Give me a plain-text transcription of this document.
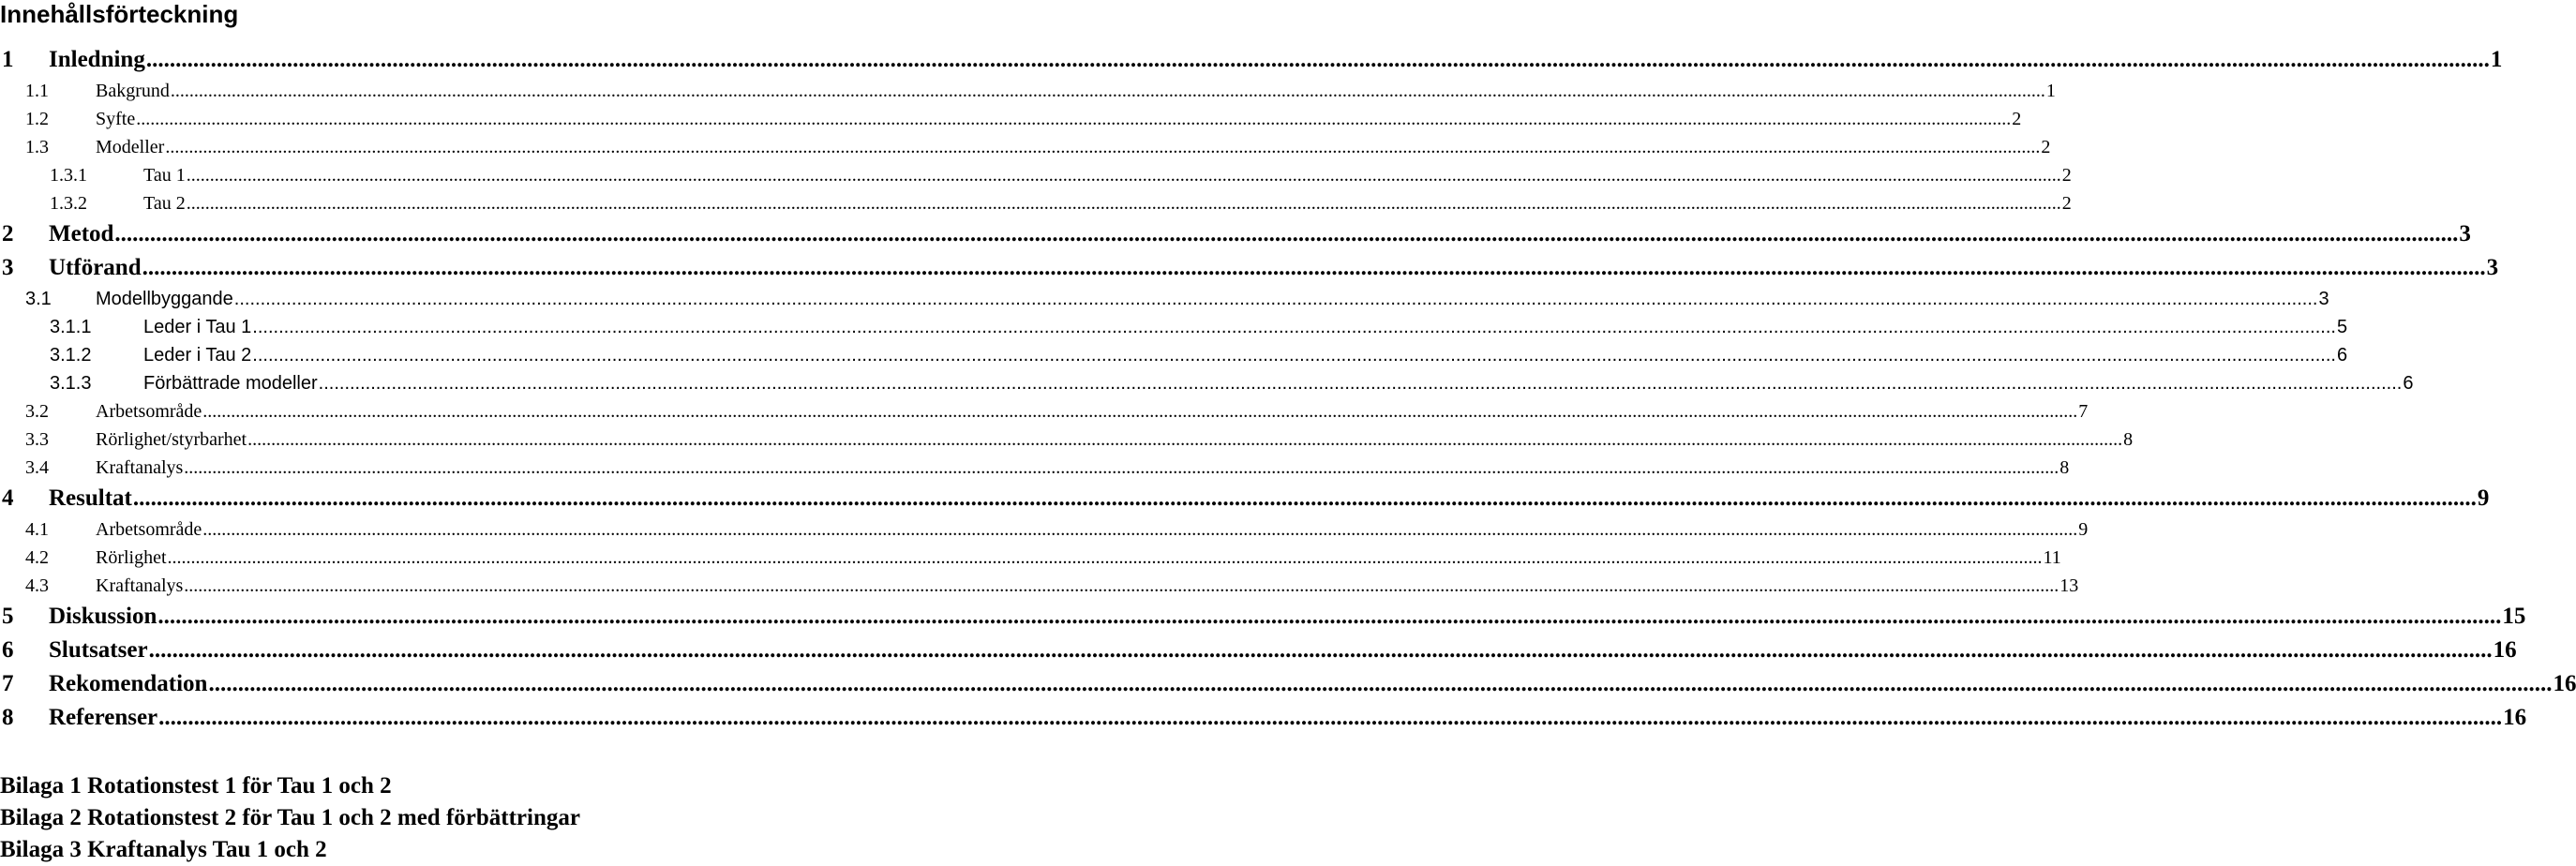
Innehållsförteckning
1	Inledning ................................................................................................................................................................................................................................................................................................................................................................................................................ 1
1.1	Bakgrund ................................................................................................................................................................................................................................................................................................................................................................................................................ 1
1.2	Syfte ................................................................................................................................................................................................................................................................................................................................................................................................................ 2
1.3	Modeller ................................................................................................................................................................................................................................................................................................................................................................................................................ 2
1.3.1	Tau 1 ................................................................................................................................................................................................................................................................................................................................................................................................................ 2
1.3.2	Tau 2 ................................................................................................................................................................................................................................................................................................................................................................................................................ 2
2	Metod ................................................................................................................................................................................................................................................................................................................................................................................................................ 3
3	Utförand ................................................................................................................................................................................................................................................................................................................................................................................................................ 3
3.1	Modellbyggande ................................................................................................................................................................................................................................................................................................................................................................................................................ 3
3.1.1	Leder i Tau 1 ................................................................................................................................................................................................................................................................................................................................................................................................................ 5
3.1.2	Leder i Tau 2 ................................................................................................................................................................................................................................................................................................................................................................................................................ 6
3.1.3	Förbättrade modeller ................................................................................................................................................................................................................................................................................................................................................................................................................ 6
3.2	Arbetsområde ................................................................................................................................................................................................................................................................................................................................................................................................................ 7
3.3	Rörlighet/styrbarhet ................................................................................................................................................................................................................................................................................................................................................................................................................ 8
3.4	Kraftanalys ................................................................................................................................................................................................................................................................................................................................................................................................................ 8
4	Resultat ................................................................................................................................................................................................................................................................................................................................................................................................................ 9
4.1	Arbetsområde ................................................................................................................................................................................................................................................................................................................................................................................................................ 9
4.2	Rörlighet ................................................................................................................................................................................................................................................................................................................................................................................................................ 11
4.3	Kraftanalys ................................................................................................................................................................................................................................................................................................................................................................................................................ 13
5	Diskussion ................................................................................................................................................................................................................................................................................................................................................................................................................ 15
6	Slutsatser ................................................................................................................................................................................................................................................................................................................................................................................................................ 16
7	Rekomendation ................................................................................................................................................................................................................................................................................................................................................................................................................ 16
8	Referenser ................................................................................................................................................................................................................................................................................................................................................................................................................ 16
Bilaga 1 Rotationstest 1 för Tau 1 och 2
Bilaga 2 Rotationstest 2 för Tau 1 och 2 med förbättringar
Bilaga 3 Kraftanalys Tau 1 och 2
